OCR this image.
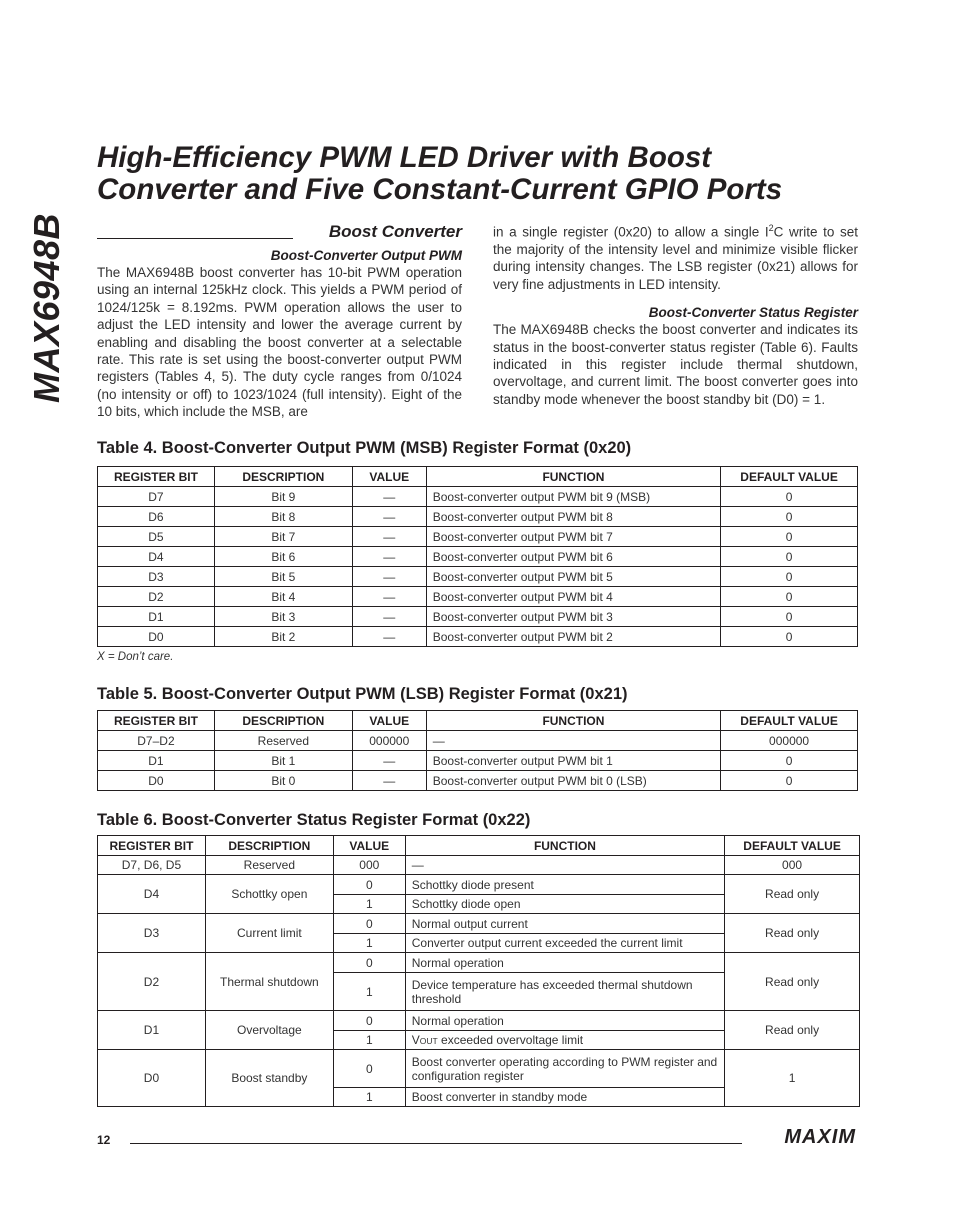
MAX6948B
High-Efficiency PWM LED Driver with Boost
Converter and Five Constant-Current GPIO Ports
Boost Converter
Boost-Converter Output PWM
The MAX6948B boost converter has 10-bit PWM operation using an internal 125kHz clock. This yields a PWM period of 1024/125k = 8.192ms. PWM operation allows the user to adjust the LED intensity and lower the average current by enabling and disabling the boost converter at a selectable rate. This rate is set using the boost-converter output PWM registers (Tables 4, 5). The duty cycle ranges from 0/1024 (no intensity or off) to 1023/1024 (full intensity). Eight of the 10 bits, which include the MSB, are
in a single register (0x20) to allow a single $I^2C$ write to set the majority of the intensity level and minimize visible flicker during intensity changes. The LSB register (0x21) allows for very fine adjustments in LED intensity.
Boost-Converter Status Register
The MAX6948B checks the boost converter and indicates its status in the boost-converter status register (Table 6). Faults indicated in this register include thermal shutdown, overvoltage, and current limit. The boost converter goes into standby mode whenever the boost standby bit (D0) = 1.
Table 4. Boost-Converter Output PWM (MSB) Register Format (0x20)
REGISTER BIT	DESCRIPTION	VALUE	FUNCTION	DEFAULT VALUE
D7	Bit 9	—	Boost-converter output PWM bit 9 (MSB)	0
D6	Bit 8	—	Boost-converter output PWM bit 8	0
D5	Bit 7	—	Boost-converter output PWM bit 7	0
D4	Bit 6	—	Boost-converter output PWM bit 6	0
D3	Bit 5	—	Boost-converter output PWM bit 5	0
D2	Bit 4	—	Boost-converter output PWM bit 4	0
D1	Bit 3	—	Boost-converter output PWM bit 3	0
D0	Bit 2	—	Boost-converter output PWM bit 2	0
X = Don’t care.
Table 5. Boost-Converter Output PWM (LSB) Register Format (0x21)
REGISTER BIT	DESCRIPTION	VALUE	FUNCTION	DEFAULT VALUE
D7–D2	Reserved	000000	—	000000
D1	Bit 1	—	Boost-converter output PWM bit 1	0
D0	Bit 0	—	Boost-converter output PWM bit 0 (LSB)	0
Table 6. Boost-Converter Status Register Format (0x22)
REGISTER BIT	DESCRIPTION	VALUE	FUNCTION	DEFAULT VALUE
D7, D6, D5	Reserved	000	—	000
D4	Schottky open	0	Schottky diode present	Read only
		1	Schottky diode open	
D3	Current limit	0	Normal output current	Read only
		1	Converter output current exceeded the current limit	
D2	Thermal shutdown	0	Normal operation	Read only
		1	Device temperature has exceeded thermal shutdown threshold	
D1	Overvoltage	0	Normal operation	Read only
		1	VOUT exceeded overvoltage limit	
D0	Boost standby	0	Boost converter operating according to PWM register and configuration register	1
		1	Boost converter in standby mode	
12	MAXIM
